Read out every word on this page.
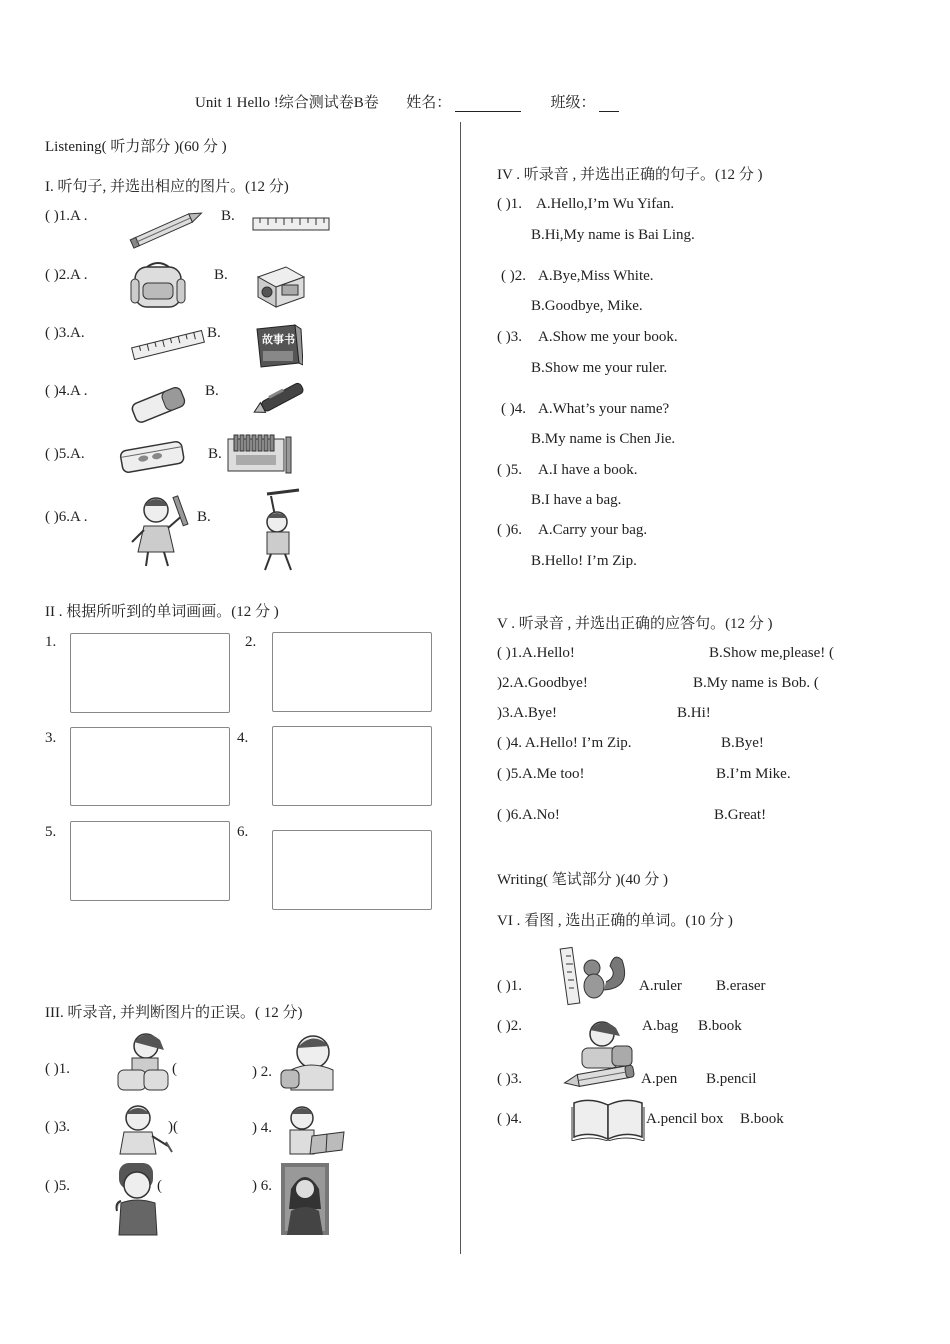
Unit 1 Hello !综合测试卷B卷 姓名：	班级：
Listening( 听力部分 )(60 分 )
I. 听句子, 并选出相应的图片。(12 分)
( )1.A .	B.
( )2.A .	B.
( )3.A.	B.	故事书
( )4.A .	B.
( )5.A.	B.
( )6.A .	B.
II . 根据所听到的单词画画。(12 分 )
1.	2.
3.	4.
5.	6.
III. 听录音, 并判断图片的正误。( 12 分)
( )1.	(	) 2.
( )3.	)(	) 4.
( )5.	(	) 6.
IV . 听录音 , 并选出正确的句子。(12 分 )
( )1. A.Hello,I’m Wu Yifan.
B.Hi,My name is Bai Ling.
( )2. A.Bye,Miss White.
B.Goodbye, Mike.
( )3. A.Show me your book.
B.Show me your ruler.
( )4. A.What’s your name?
B.My name is Chen Jie.
( )5. A.I have a book.
B.I have a bag.
( )6. A.Carry your bag.
B.Hello! I’m Zip.
V . 听录音 , 并选出正确的应答句。(12 分 )
( )1.A.Hello!	B.Show me,please! (
)2.A.Goodbye!	B.My name is Bob. (
)3.A.Bye!	B.Hi!
( )4. A.Hello! I’m Zip.	B.Bye!
( )5.A.Me too!	B.I’m Mike.
( )6.A.No!	B.Great!
Writing( 笔试部分 )(40 分 )
VI . 看图 , 选出正确的单词。(10 分 )
( )1.	A.ruler B.eraser
( )2.	A.bag B.book
( )3.	A.pen B.pencil
( )4.	A.pencil box B.book
